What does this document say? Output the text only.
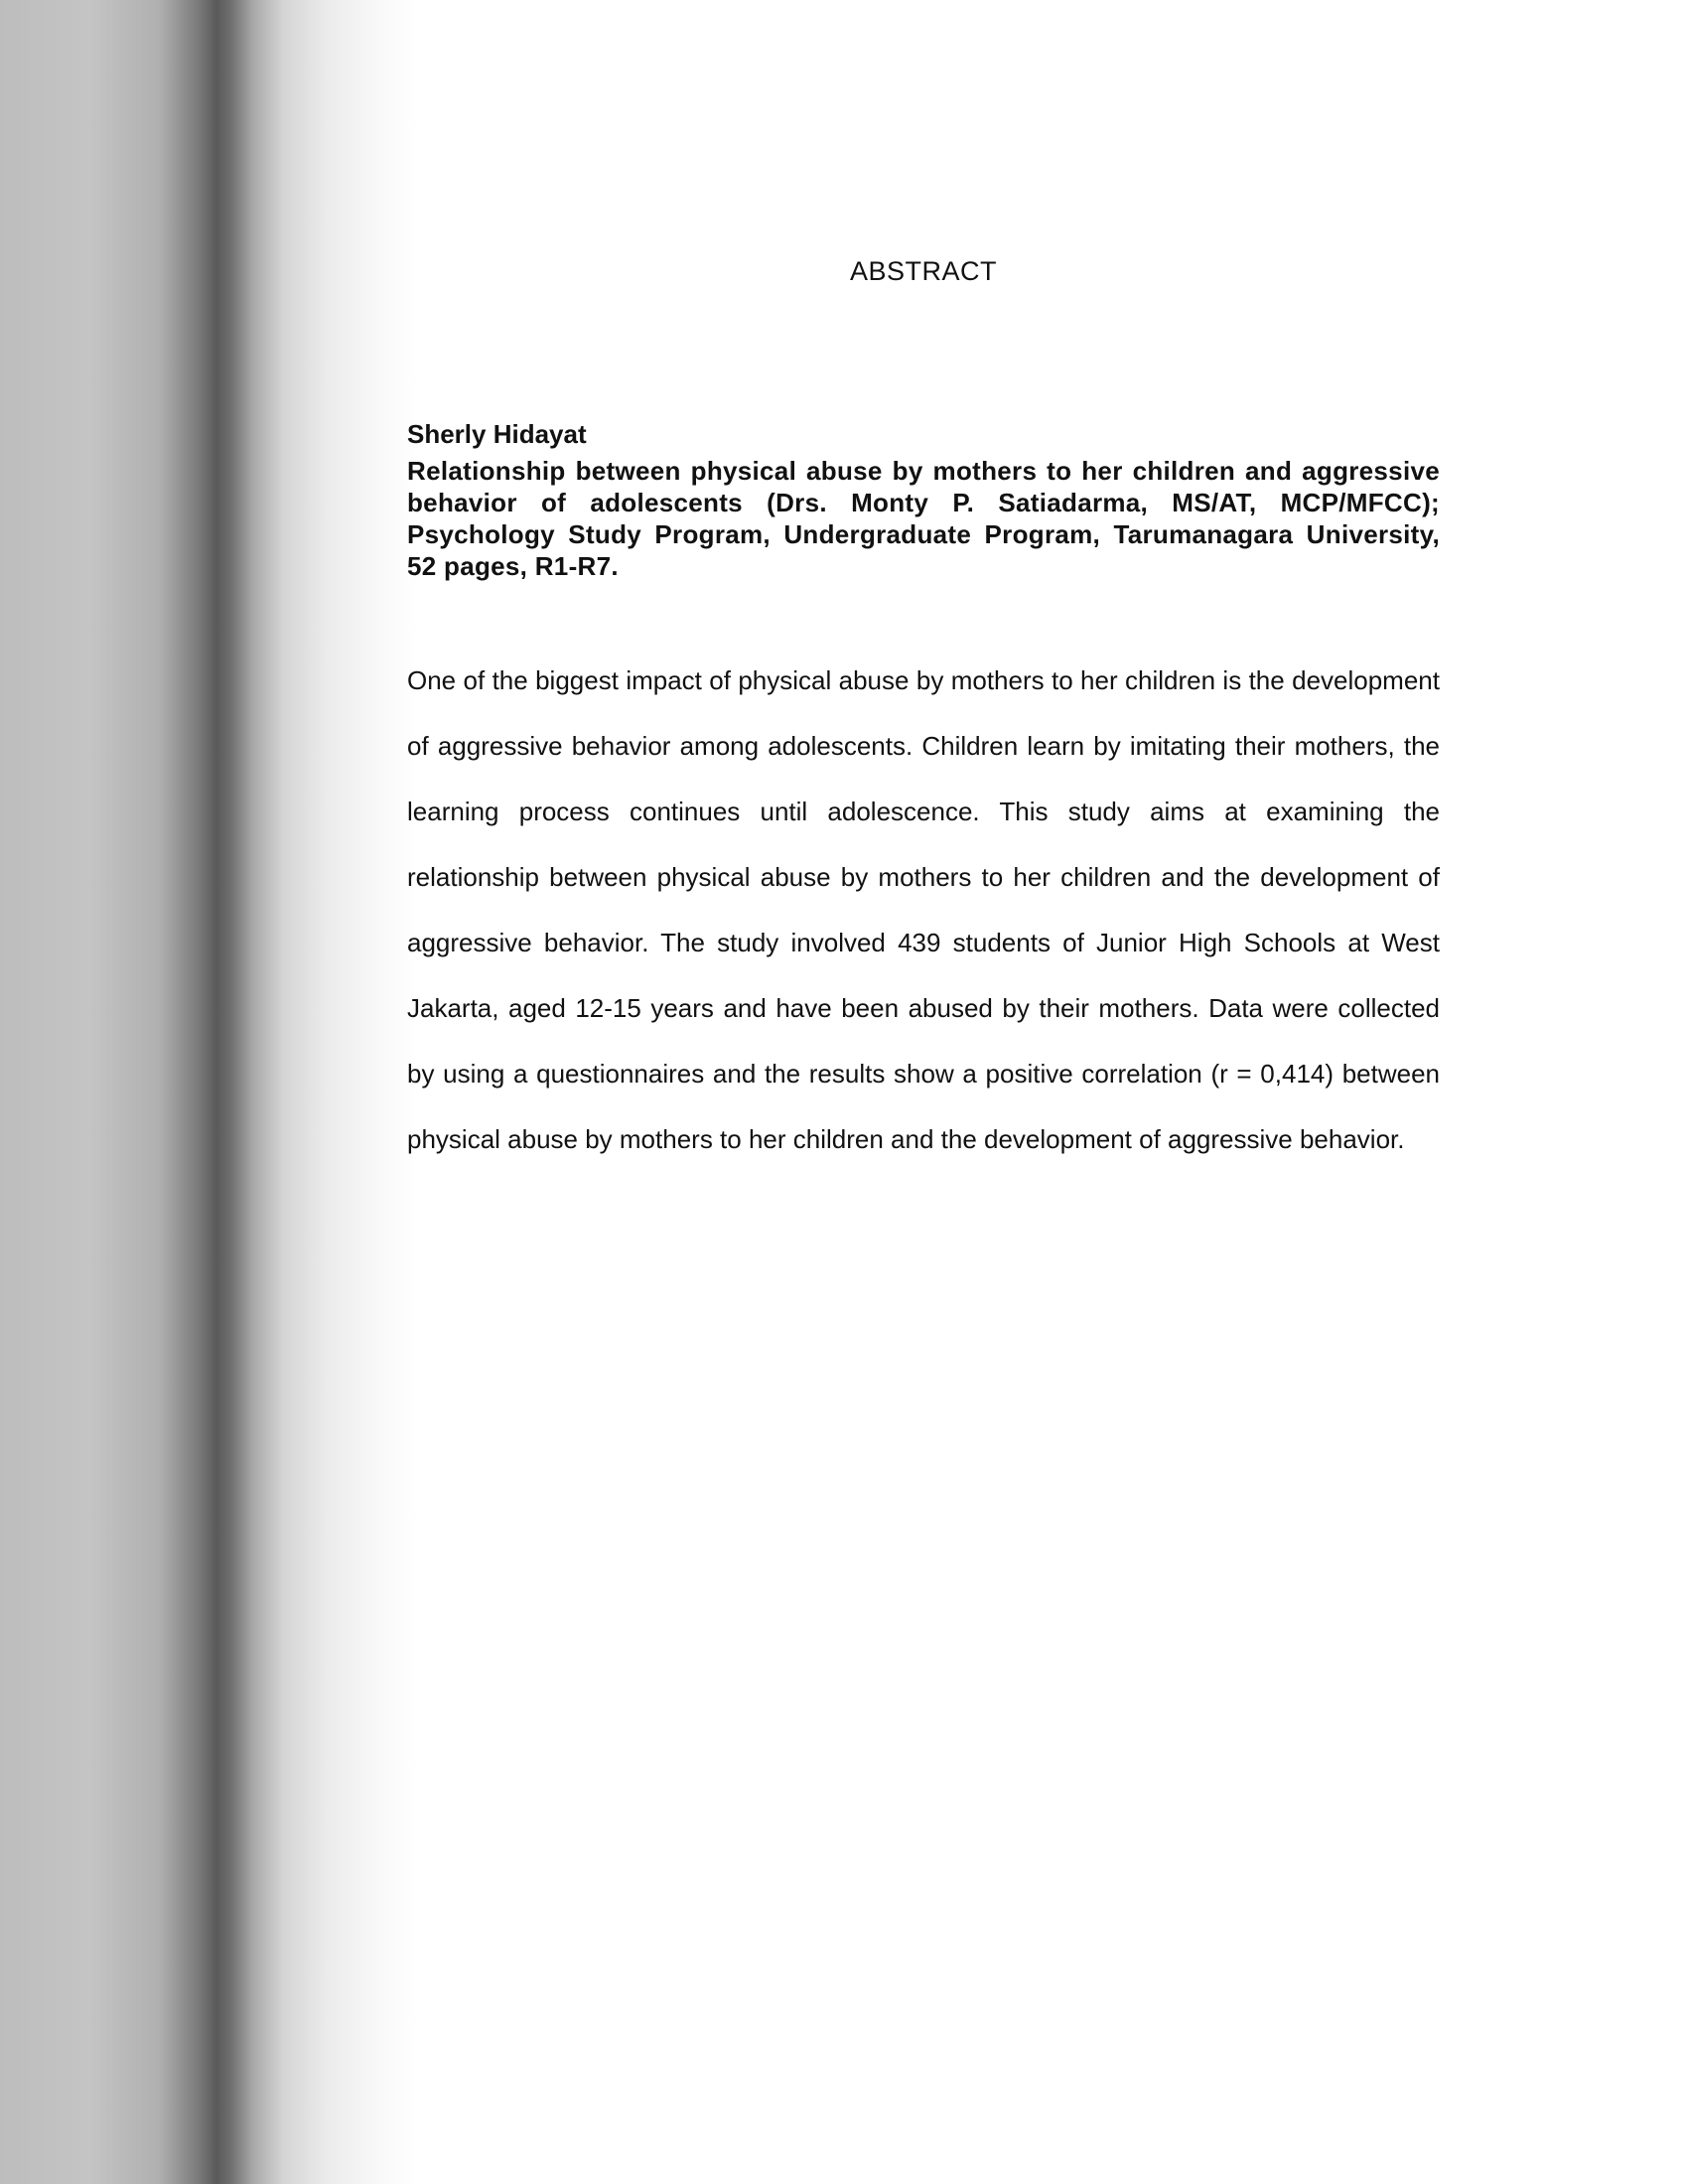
ABSTRACT

Sherly Hidayat

Relationship between physical abuse by mothers to her children and aggressive behavior of adolescents (Drs. Monty P. Satiadarma, MS/AT, MCP/MFCC); Psychology Study Program, Undergraduate Program, Tarumanagara University, 52 pages, R1-R7.

One of the biggest impact of physical abuse by mothers to her children is the development of aggressive behavior among adolescents. Children learn by imitating their mothers, the learning process continues until adolescence. This study aims at examining the relationship between physical abuse by mothers to her children and the development of aggressive behavior. The study involved 439 students of Junior High Schools at West Jakarta, aged 12-15 years and have been abused by their mothers. Data were collected by using a questionnaires and the results show a positive correlation (r = 0,414) between physical abuse by mothers to her children and the development of aggressive behavior.
